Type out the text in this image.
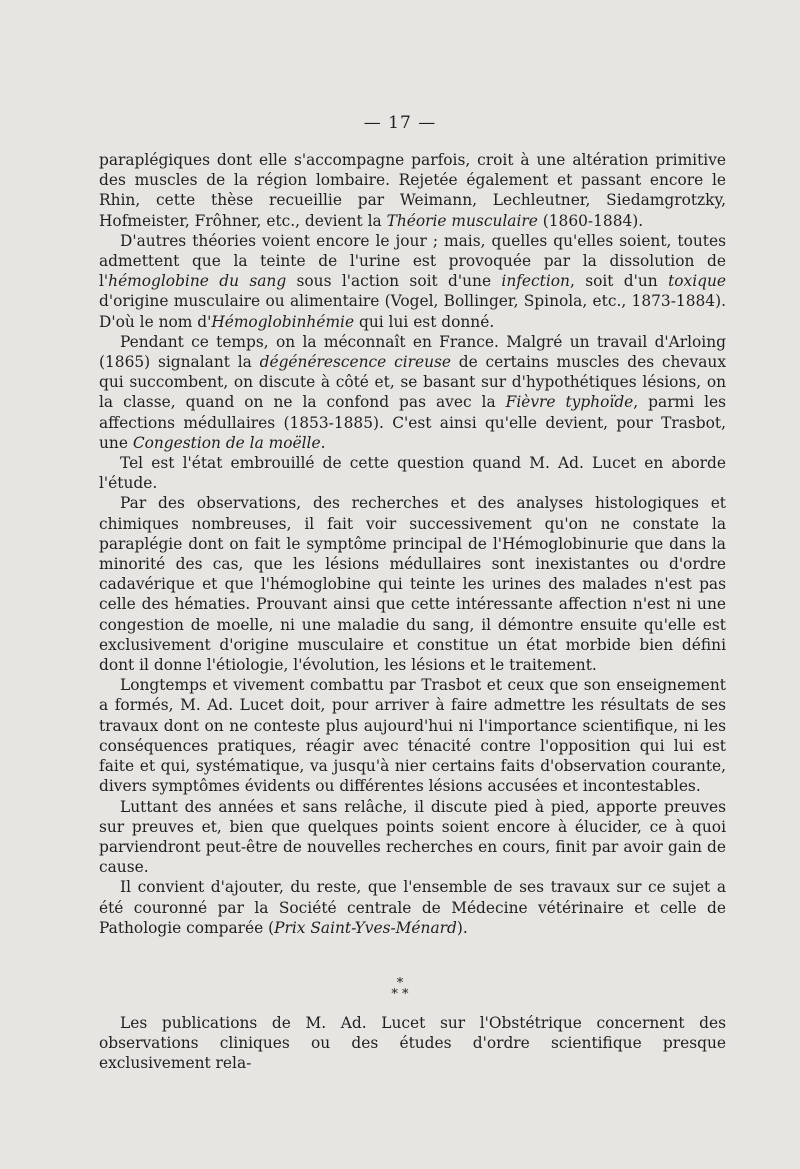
— 17 —

paraplégiques dont elle s'accompagne parfois, croit à une altération primitive des muscles de la région lombaire. Rejetée également et passant encore le Rhin, cette thèse recueillie par Weimann, Lechleutner, Siedamgrotzky, Hofmeister, Frôhner, etc., devient la Théorie musculaire (1860-1884).

D'autres théories voient encore le jour ; mais, quelles qu'elles soient, toutes admettent que la teinte de l'urine est provoquée par la dissolution de l'hémoglobine du sang sous l'action soit d'une infection, soit d'un toxique d'origine musculaire ou alimentaire (Vogel, Bollinger, Spinola, etc., 1873-1884). D'où le nom d'Hémoglobinhémie qui lui est donné.

Pendant ce temps, on la méconnaît en France. Malgré un travail d'Arloing (1865) signalant la dégénérescence cireuse de certains muscles des chevaux qui succombent, on discute à côté et, se basant sur d'hypothétiques lésions, on la classe, quand on ne la confond pas avec la Fièvre typhoïde, parmi les affections médullaires (1853-1885). C'est ainsi qu'elle devient, pour Trasbot, une Congestion de la moëlle.

Tel est l'état embrouillé de cette question quand M. Ad. Lucet en aborde l'étude.

Par des observations, des recherches et des analyses histologiques et chimiques nombreuses, il fait voir successivement qu'on ne constate la paraplégie dont on fait le symptôme principal de l'Hémoglobinurie que dans la minorité des cas, que les lésions médullaires sont inexistantes ou d'ordre cadavérique et que l'hémoglobine qui teinte les urines des malades n'est pas celle des hématies. Prouvant ainsi que cette intéressante affection n'est ni une congestion de moelle, ni une maladie du sang, il démontre ensuite qu'elle est exclusivement d'origine musculaire et constitue un état morbide bien défini dont il donne l'étiologie, l'évolution, les lésions et le traitement.

Longtemps et vivement combattu par Trasbot et ceux que son enseignement a formés, M. Ad. Lucet doit, pour arriver à faire admettre les résultats de ses travaux dont on ne conteste plus aujourd'hui ni l'importance scientifique, ni les conséquences pratiques, réagir avec ténacité contre l'opposition qui lui est faite et qui, systématique, va jusqu'à nier certains faits d'observation courante, divers symptômes évidents ou différentes lésions accusées et incontestables.

Luttant des années et sans relâche, il discute pied à pied, apporte preuves sur preuves et, bien que quelques points soient encore à élucider, ce à quoi parviendront peut-être de nouvelles recherches en cours, finit par avoir gain de cause.

Il convient d'ajouter, du reste, que l'ensemble de ses travaux sur ce sujet a été couronné par la Société centrale de Médecine vétérinaire et celle de Pathologie comparée (Prix Saint-Yves-Ménard).

*
* *
Les publications de M. Ad. Lucet sur l'Obstétrique concernent des observations cliniques ou des études d'ordre scientifique presque exclusivement rela-
